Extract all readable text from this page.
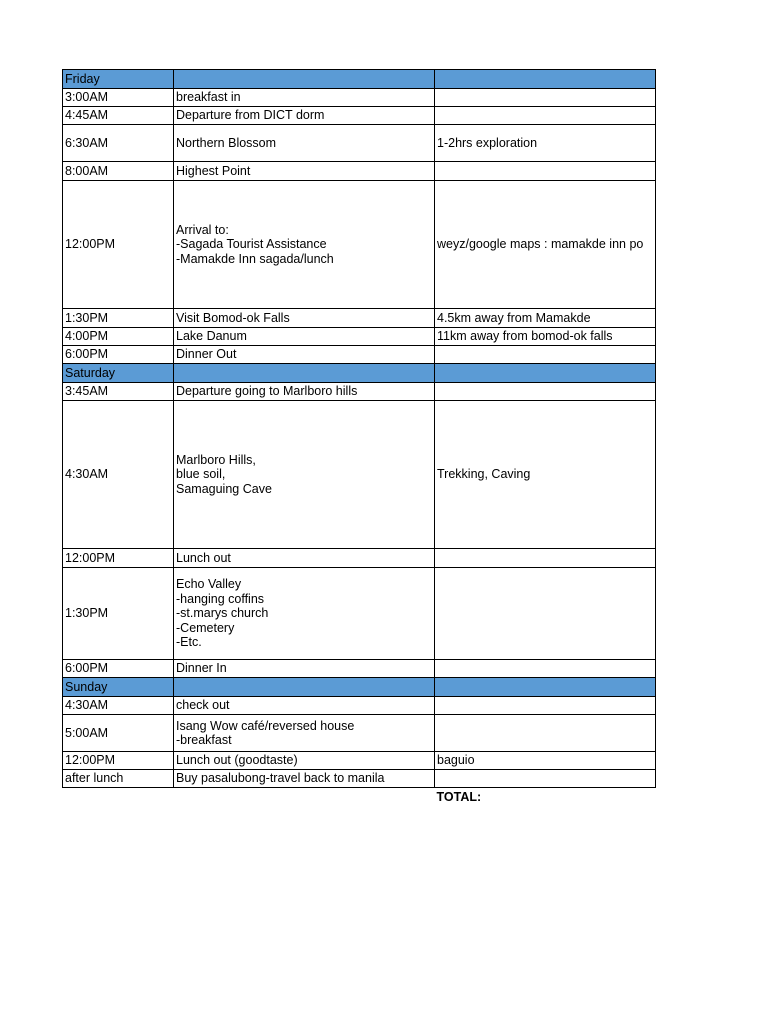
Friday		
3:00AM	breakfast in	
4:45AM	Departure from DICT dorm	
6:30AM	Northern Blossom	1-2hrs exploration
8:00AM	Highest Point	
12:00PM	Arrival to:
-Sagada Tourist Assistance
-Mamakde Inn sagada/lunch	weyz/google maps : mamakde inn po
1:30PM	Visit Bomod-ok Falls	4.5km away from Mamakde
4:00PM	Lake Danum	11km away from bomod-ok falls
6:00PM	Dinner Out	
Saturday		
3:45AM	Departure going to Marlboro hills	
4:30AM	Marlboro Hills,
blue soil,
Samaguing Cave	Trekking, Caving
12:00PM	Lunch out	
1:30PM	Echo Valley
-hanging coffins
-st.marys church
-Cemetery
-Etc.	
6:00PM	Dinner In	
Sunday		
4:30AM	check out	
5:00AM	Isang Wow café/reversed house
-breakfast	
12:00PM	Lunch out (goodtaste)	baguio
after lunch	Buy pasalubong-travel back to manila	
		TOTAL:
